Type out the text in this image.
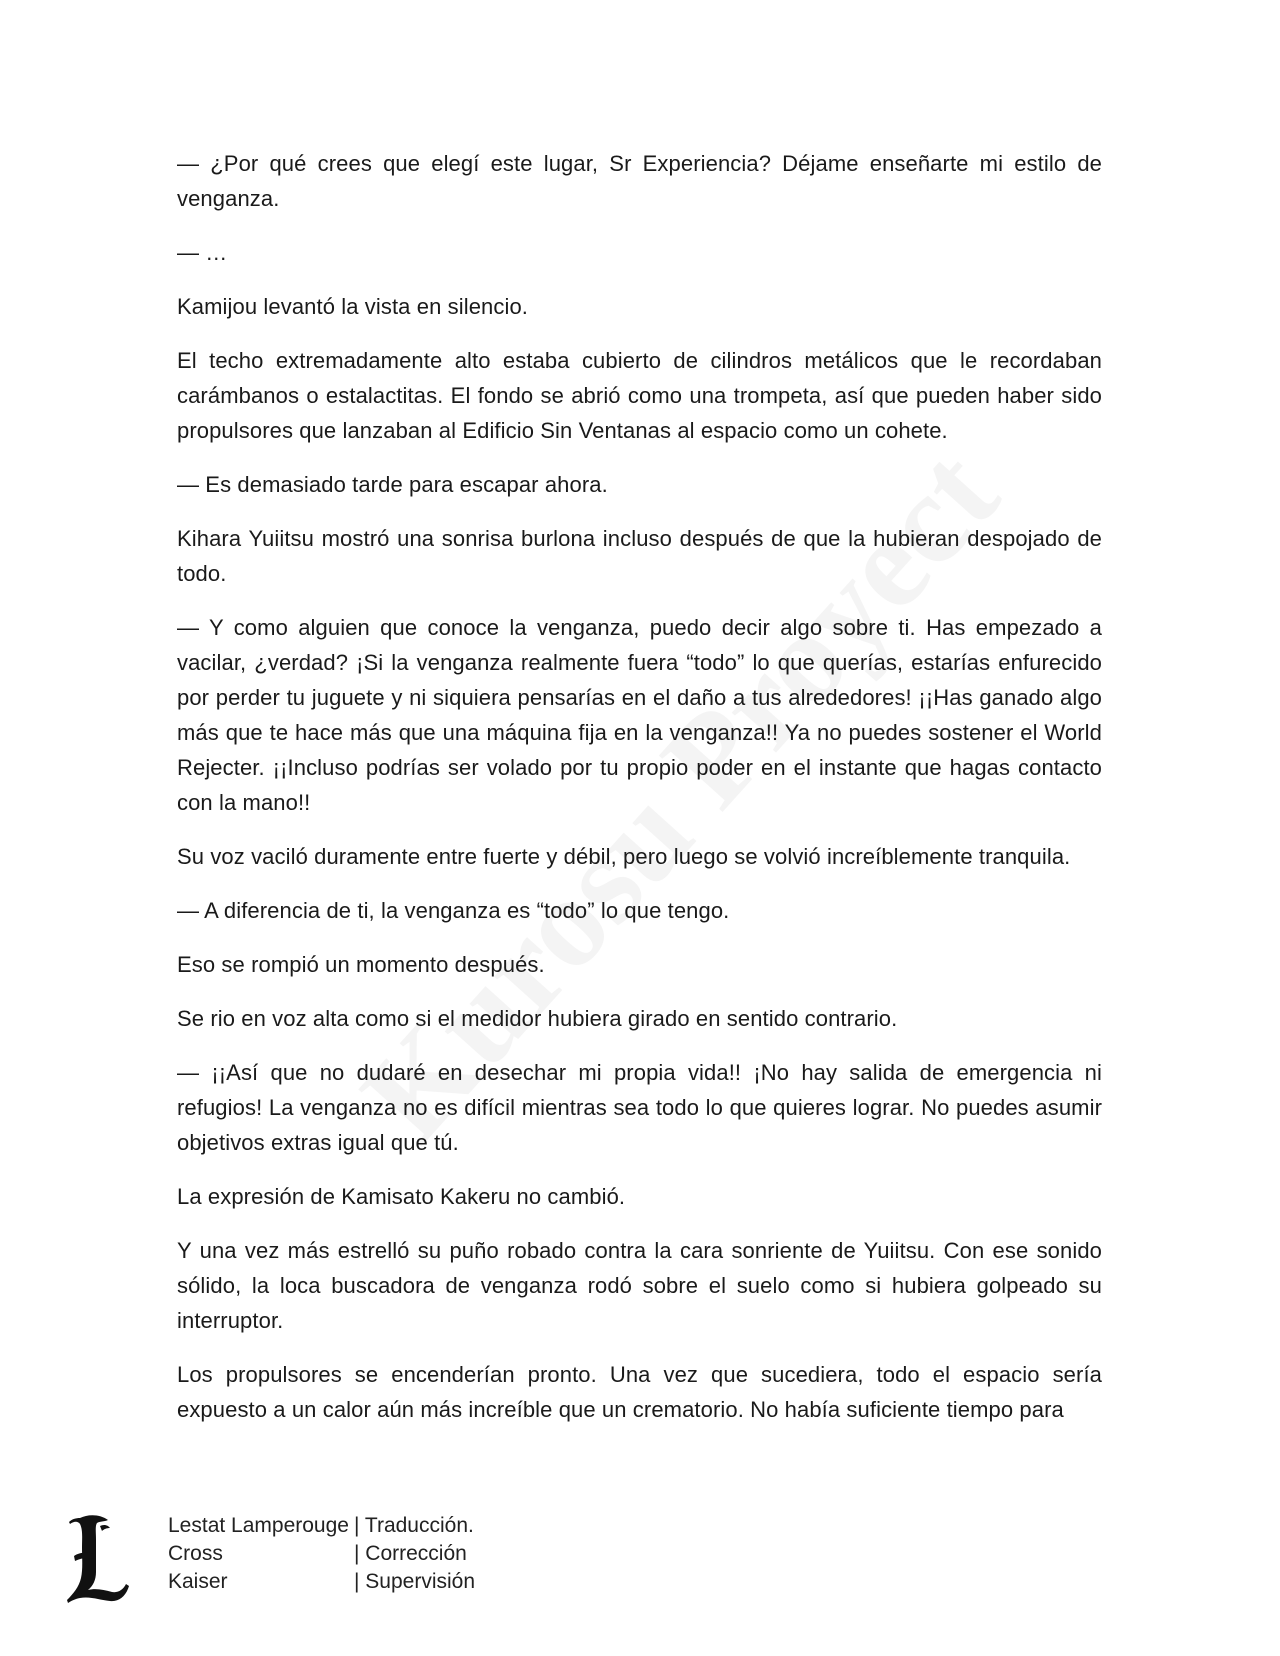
— ¿Por qué crees que elegí este lugar, Sr Experiencia? Déjame enseñarte mi estilo de venganza.

— …

Kamijou levantó la vista en silencio.

El techo extremadamente alto estaba cubierto de cilindros metálicos que le recordaban carámbanos o estalactitas. El fondo se abrió como una trompeta, así que pueden haber sido propulsores que lanzaban al Edificio Sin Ventanas al espacio como un cohete.

— Es demasiado tarde para escapar ahora.

Kihara Yuiitsu mostró una sonrisa burlona incluso después de que la hubieran despojado de todo.

— Y como alguien que conoce la venganza, puedo decir algo sobre ti. Has empezado a vacilar, ¿verdad? ¡Si la venganza realmente fuera “todo” lo que querías, estarías enfurecido por perder tu juguete y ni siquiera pensarías en el daño a tus alrededores! ¡¡Has ganado algo más que te hace más que una máquina fija en la venganza!! Ya no puedes sostener el World Rejecter. ¡¡Incluso podrías ser volado por tu propio poder en el instante que hagas contacto con la mano!!

Su voz vaciló duramente entre fuerte y débil, pero luego se volvió increíblemente tranquila.

— A diferencia de ti, la venganza es “todo” lo que tengo.

Eso se rompió un momento después.

Se rio en voz alta como si el medidor hubiera girado en sentido contrario.

— ¡¡Así que no dudaré en desechar mi propia vida!! ¡No hay salida de emergencia ni refugios! La venganza no es difícil mientras sea todo lo que quieres lograr. No puedes asumir objetivos extras igual que tú.

La expresión de Kamisato Kakeru no cambió.

Y una vez más estrelló su puño robado contra la cara sonriente de Yuiitsu. Con ese sonido sólido, la loca buscadora de venganza rodó sobre el suelo como si hubiera golpeado su interruptor.

Los propulsores se encenderían pronto. Una vez que sucediera, todo el espacio sería expuesto a un calor aún más increíble que un crematorio. No había suficiente tiempo para

Lestat Lamperouge | Traducción.
Cross	| Corrección
Kaiser	| Supervisión
